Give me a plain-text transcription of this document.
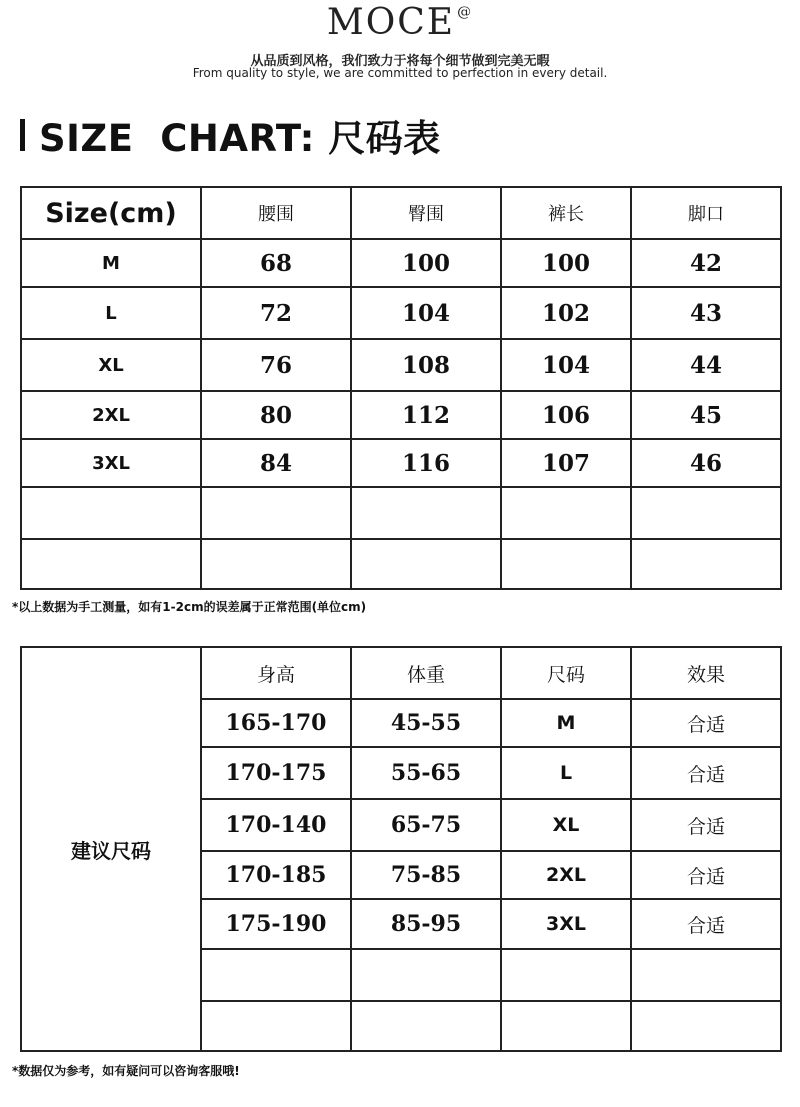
MOCE @
从品质到风格，我们致力于将每个细节做到完美无暇
From quality to style, we are committed to perfection in every detail.
SIZE  CHART: 尺码表
Size(cm)	腰围	臀围	裤长	脚口
M	68	100	100	42
L	72	104	102	43
XL	76	108	104	44
2XL	80	112	106	45
3XL	84	116	107	46

*以上数据为手工测量，如有1-2cm的误差属于正常范围(单位cm)
建议尺码	身高	体重	尺码	效果
	165-170	45-55	M	合适
	170-175	55-65	L	合适
	170-140	65-75	XL	合适
	170-185	75-85	2XL	合适
	175-190	85-95	3XL	合适

*数据仅为参考，如有疑问可以咨询客服哦!
